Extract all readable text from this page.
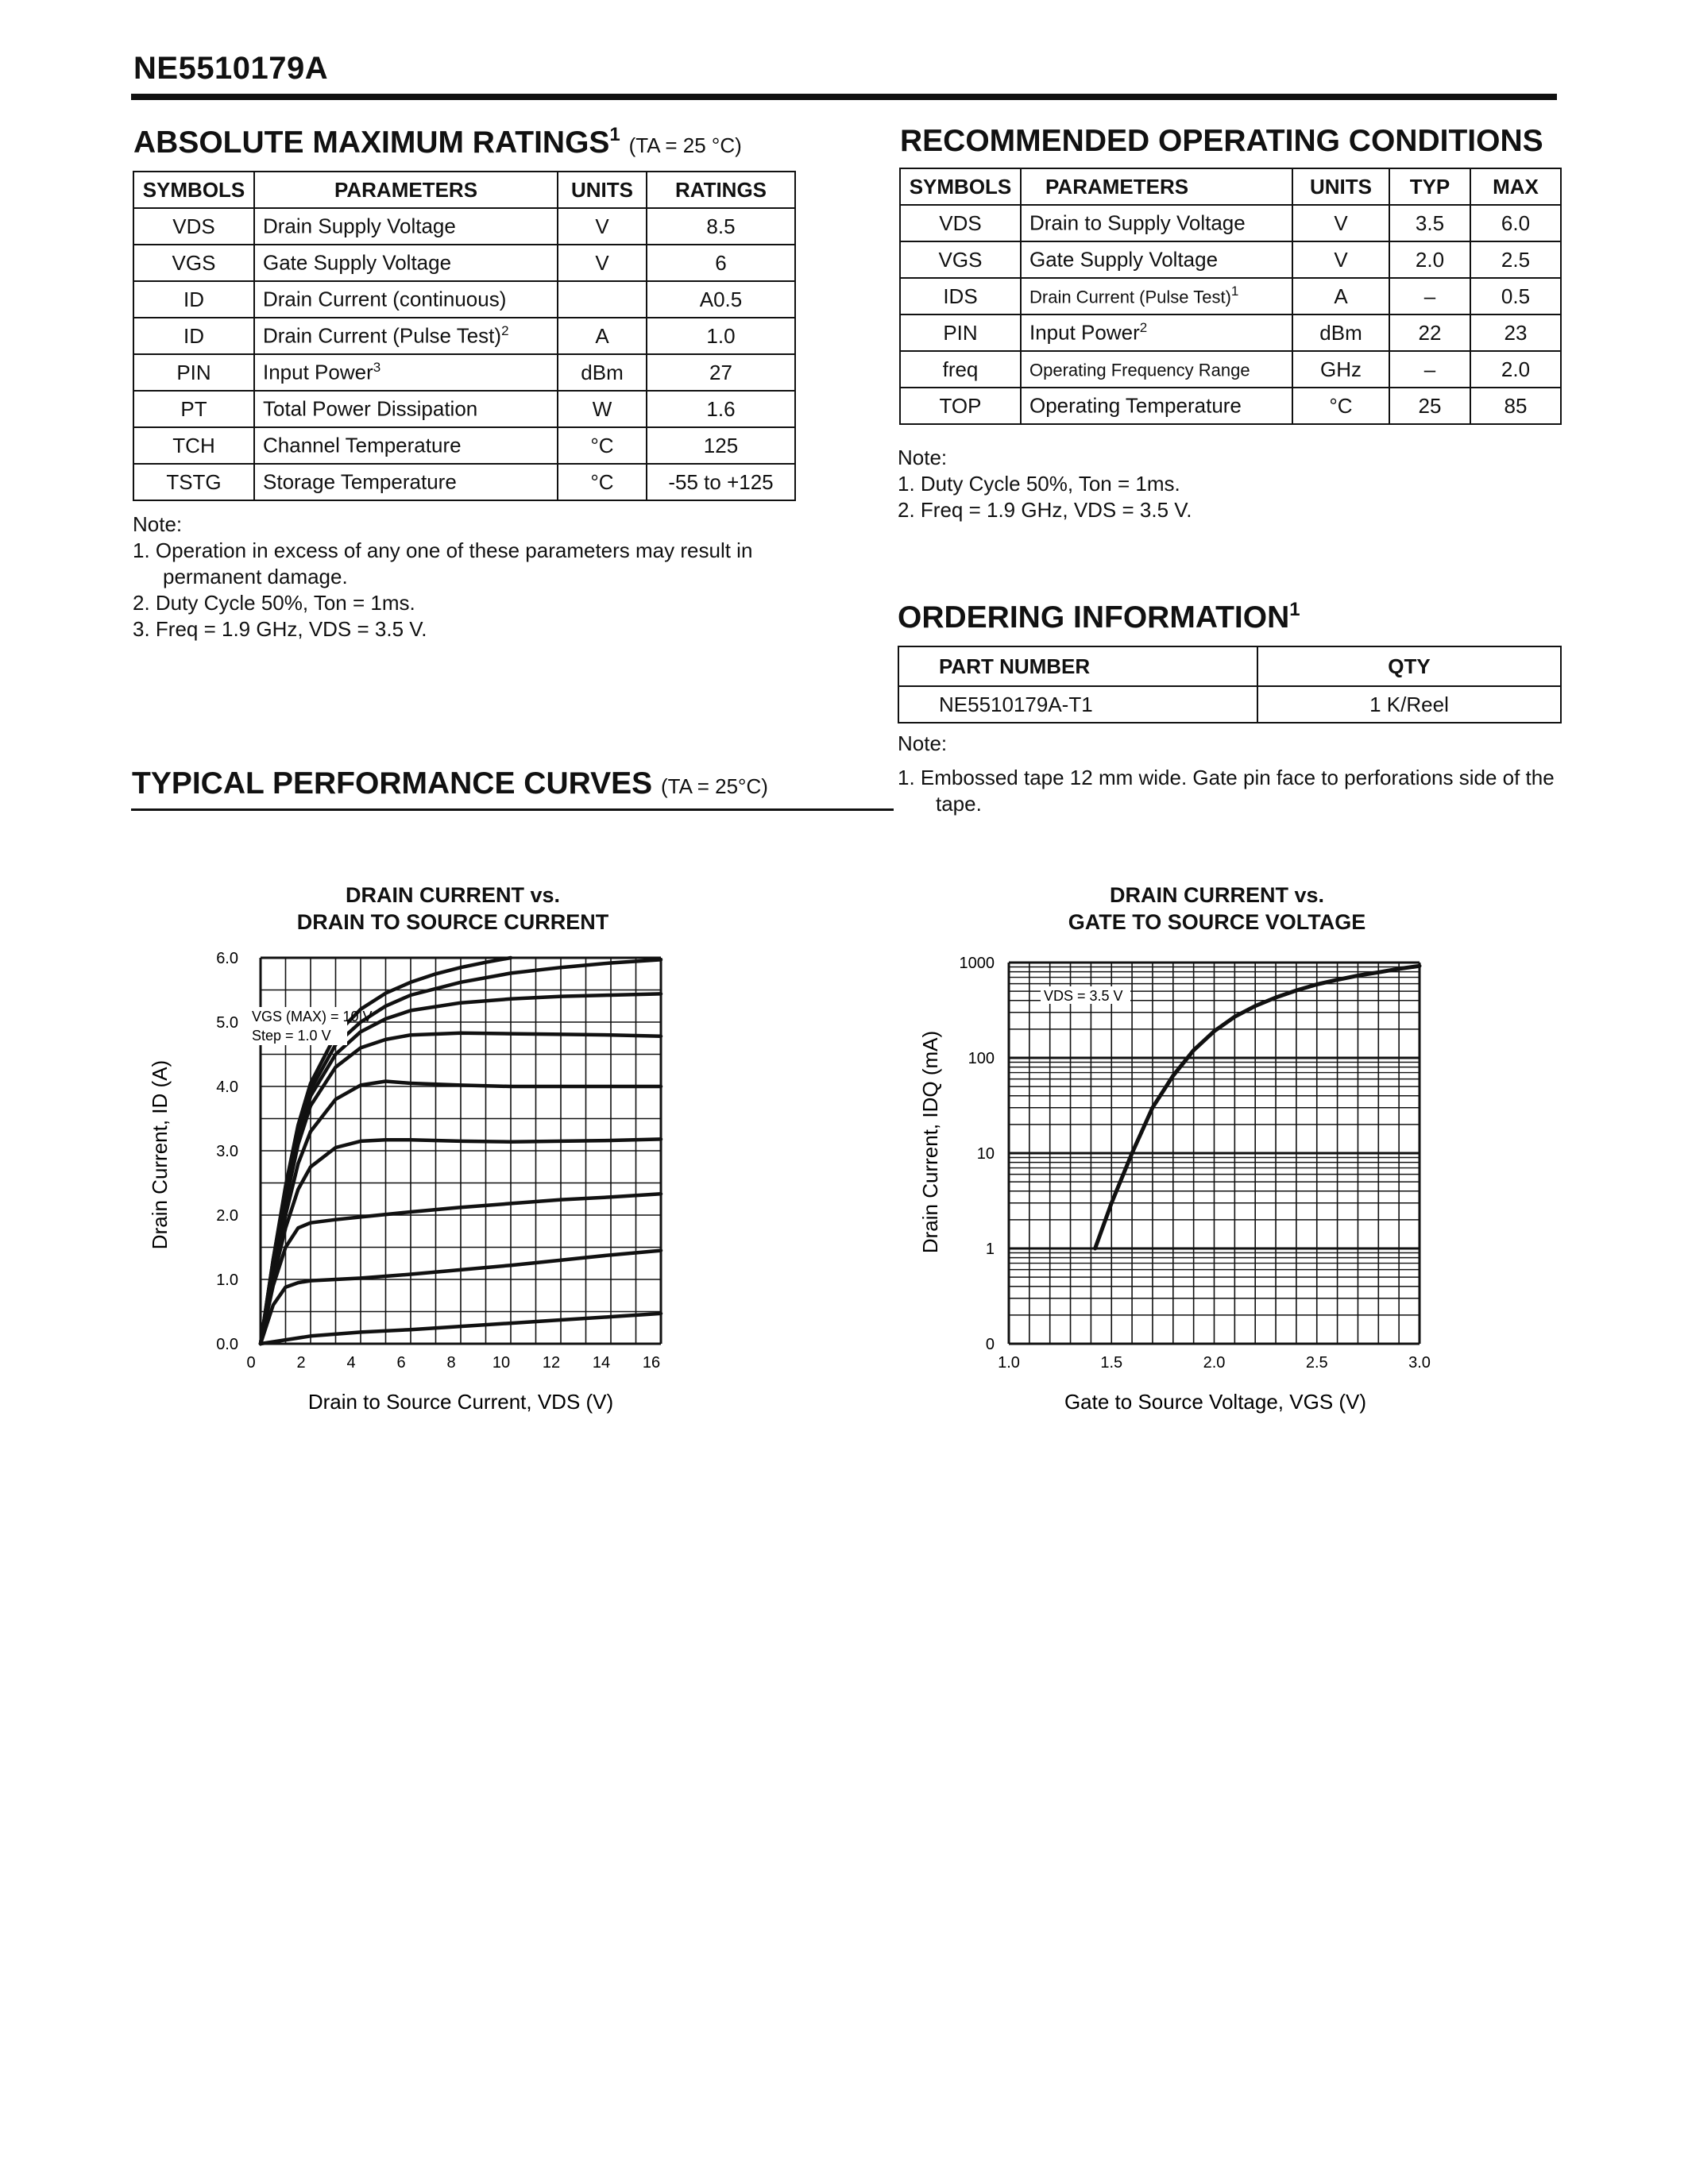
NE5510179A
ABSOLUTE MAXIMUM RATINGS$^1$ (TA = 25 °C)
SYMBOLS	PARAMETERS	UNITS	RATINGS
VDS	Drain Supply Voltage	V	8.5
VGS	Gate Supply Voltage	V	6
ID	Drain Current (continuous)		A0.5
ID	Drain Current (Pulse Test)$^2$	A	1.0
PIN	Input Power$^3$	dBm	27
PT	Total Power Dissipation	W	1.6
TCH	Channel Temperature	°C	125
TSTG	Storage Temperature	°C	-55 to +125
Note:
1. Operation in excess of any one of these parameters may result in permanent damage.
2. Duty Cycle 50%, Ton = 1ms.
3. Freq = 1.9 GHz, VDS = 3.5 V.
RECOMMENDED OPERATING CONDITIONS
SYMBOLS	PARAMETERS	UNITS	TYP	MAX
VDS	Drain to Supply Voltage	V	3.5	6.0
VGS	Gate Supply Voltage	V	2.0	2.5
IDS	Drain Current (Pulse Test)$^1$	A	–	0.5
PIN	Input Power$^2$	dBm	22	23
freq	Operating Frequency Range	GHz	–	2.0
TOP	Operating Temperature	°C	25	85
Note:
1. Duty Cycle 50%, Ton = 1ms.
2. Freq = 1.9 GHz, VDS = 3.5 V.
ORDERING INFORMATION$^1$
PART NUMBER	QTY
NE5510179A-T1	1 K/Reel
Note:
1. Embossed tape 12 mm wide. Gate pin face to perforations side of the tape.
TYPICAL PERFORMANCE CURVES (TA = 25°C)
DRAIN CURRENT vs.
DRAIN TO SOURCE CURRENT
0	2	4	6	8 10 12 14 16
0.0
1.0
2.0
3.0
4.0
5.0
6.0
VGS (MAX) = 10 V
Step = 1.0 V
Drain Current, ID (A)
Drain to Source Current, VDS (V)
DRAIN CURRENT vs.
GATE TO SOURCE VOLTAGE
1.0	1.5	2.0	2.5	3.0
0
1
10
100
1000
VDS = 3.5 V
Drain Current, IDQ (mA)
Gate to Source Voltage, VGS (V)
